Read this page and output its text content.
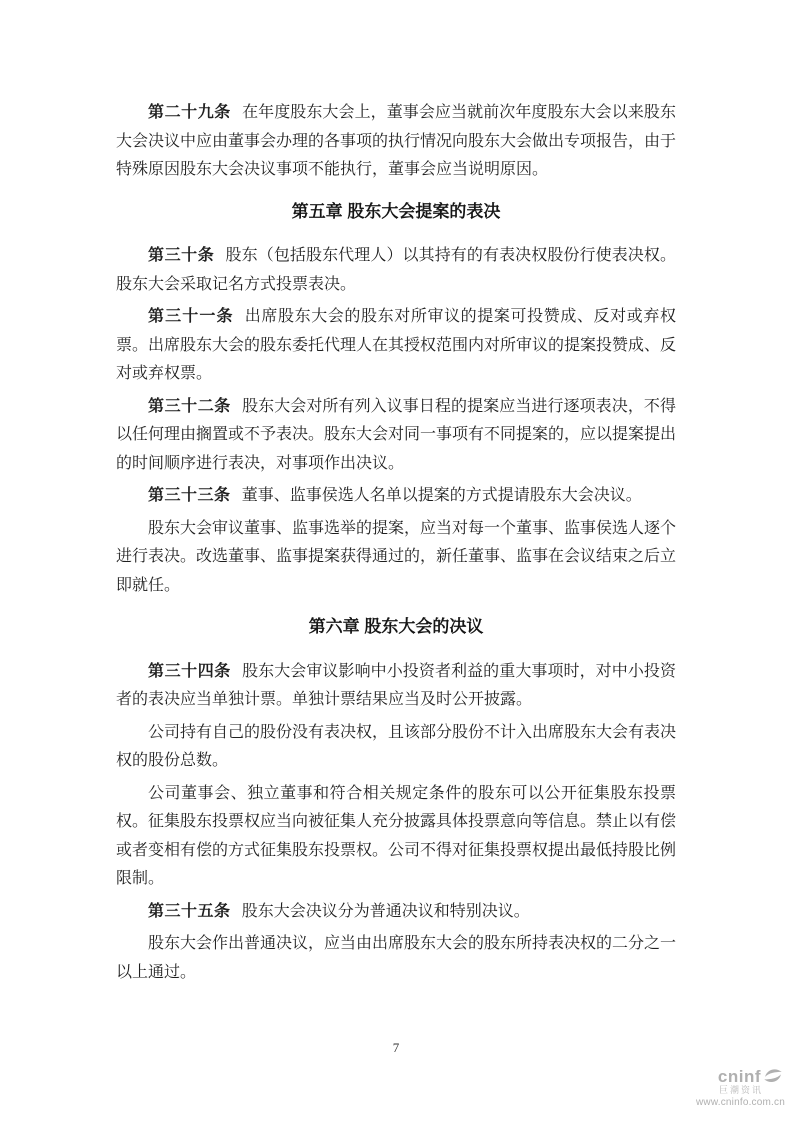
第二十九条 在年度股东大会上，董事会应当就前次年度股东大会以来股东大会决议中应由董事会办理的各事项的执行情况向股东大会做出专项报告，由于特殊原因股东大会决议事项不能执行，董事会应当说明原因。

第五章 股东大会提案的表决

第三十条 股东（包括股东代理人）以其持有的有表决权股份行使表决权。股东大会采取记名方式投票表决。

第三十一条 出席股东大会的股东对所审议的提案可投赞成、反对或弃权票。出席股东大会的股东委托代理人在其授权范围内对所审议的提案投赞成、反对或弃权票。

第三十二条 股东大会对所有列入议事日程的提案应当进行逐项表决，不得以任何理由搁置或不予表决。股东大会对同一事项有不同提案的，应以提案提出的时间顺序进行表决，对事项作出决议。

第三十三条 董事、监事侯选人名单以提案的方式提请股东大会决议。

股东大会审议董事、监事选举的提案，应当对每一个董事、监事侯选人逐个进行表决。改选董事、监事提案获得通过的，新任董事、监事在会议结束之后立即就任。

第六章 股东大会的决议

第三十四条 股东大会审议影响中小投资者利益的重大事项时，对中小投资者的表决应当单独计票。单独计票结果应当及时公开披露。

公司持有自己的股份没有表决权，且该部分股份不计入出席股东大会有表决权的股份总数。

公司董事会、独立董事和符合相关规定条件的股东可以公开征集股东投票权。征集股东投票权应当向被征集人充分披露具体投票意向等信息。禁止以有偿或者变相有偿的方式征集股东投票权。公司不得对征集投票权提出最低持股比例限制。

第三十五条 股东大会决议分为普通决议和特别决议。

股东大会作出普通决议，应当由出席股东大会的股东所持表决权的二分之一以上通过。

7
cninf
巨潮资讯
www.cninfo.com.cn
